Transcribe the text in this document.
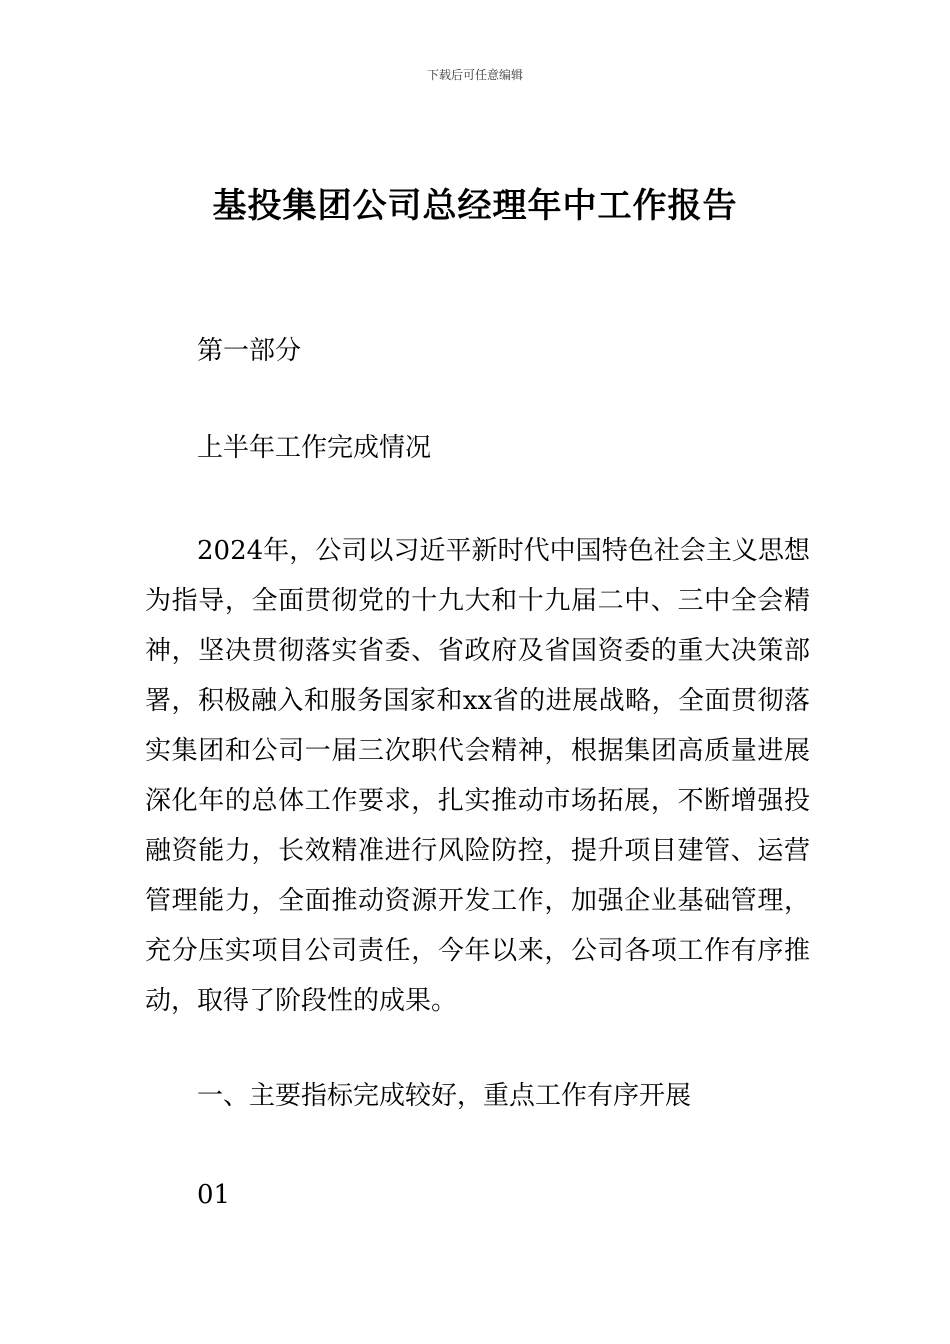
下载后可任意编辑
基投集团公司总经理年中工作报告

第一部分

上半年工作完成情况

2024年，公司以习近平新时代中国特色社会主义思想为指导，全面贯彻党的十九大和十九届二中、三中全会精神，坚决贯彻落实省委、省政府及省国资委的重大决策部署，积极融入和服务国家和xx省的进展战略，全面贯彻落实集团和公司一届三次职代会精神，根据集团高质量进展深化年的总体工作要求，扎实推动市场拓展，不断增强投融资能力，长效精准进行风险防控，提升项目建管、运营管理能力，全面推动资源开发工作，加强企业基础管理，充分压实项目公司责任，今年以来，公司各项工作有序推动，取得了阶段性的成果。

一、主要指标完成较好，重点工作有序开展

01
